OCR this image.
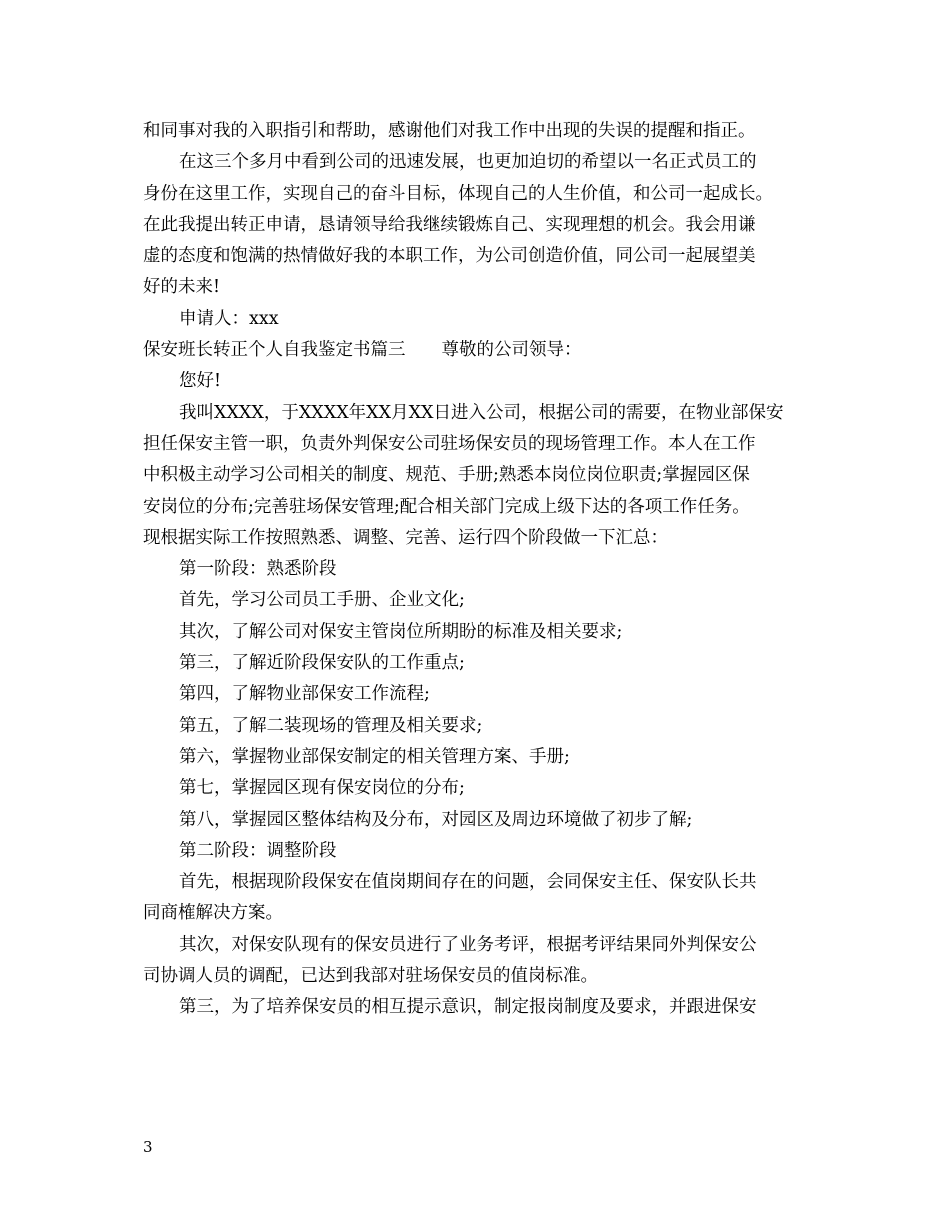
和同事对我的入职指引和帮助，感谢他们对我工作中出现的失误的提醒和指正。
在这三个多月中看到公司的迅速发展，也更加迫切的希望以一名正式员工的
身份在这里工作，实现自己的奋斗目标，体现自己的人生价值，和公司一起成长。
在此我提出转正申请，恳请领导给我继续锻炼自己、实现理想的机会。我会用谦
虚的态度和饱满的热情做好我的本职工作，为公司创造价值，同公司一起展望美
好的未来!
申请人：xxx
保安班长转正个人自我鉴定书篇三 尊敬的公司领导：
您好!
我叫XXXX，于XXXX年XX月XX日进入公司，根据公司的需要，在物业部保安
担任保安主管一职，负责外判保安公司驻场保安员的现场管理工作。本人在工作
中积极主动学习公司相关的制度、规范、手册;熟悉本岗位岗位职责;掌握园区保
安岗位的分布;完善驻场保安管理;配合相关部门完成上级下达的各项工作任务。
现根据实际工作按照熟悉、调整、完善、运行四个阶段做一下汇总：
第一阶段：熟悉阶段
首先，学习公司员工手册、企业文化;
其次，了解公司对保安主管岗位所期盼的标准及相关要求;
第三，了解近阶段保安队的工作重点;
第四，了解物业部保安工作流程;
第五，了解二装现场的管理及相关要求;
第六，掌握物业部保安制定的相关管理方案、手册;
第七，掌握园区现有保安岗位的分布;
第八，掌握园区整体结构及分布，对园区及周边环境做了初步了解;
第二阶段：调整阶段
首先，根据现阶段保安在值岗期间存在的问题，会同保安主任、保安队长共
同商榷解决方案。
其次，对保安队现有的保安员进行了业务考评，根据考评结果同外判保安公
司协调人员的调配，已达到我部对驻场保安员的值岗标准。
第三，为了培养保安员的相互提示意识，制定报岗制度及要求，并跟进保安
3
